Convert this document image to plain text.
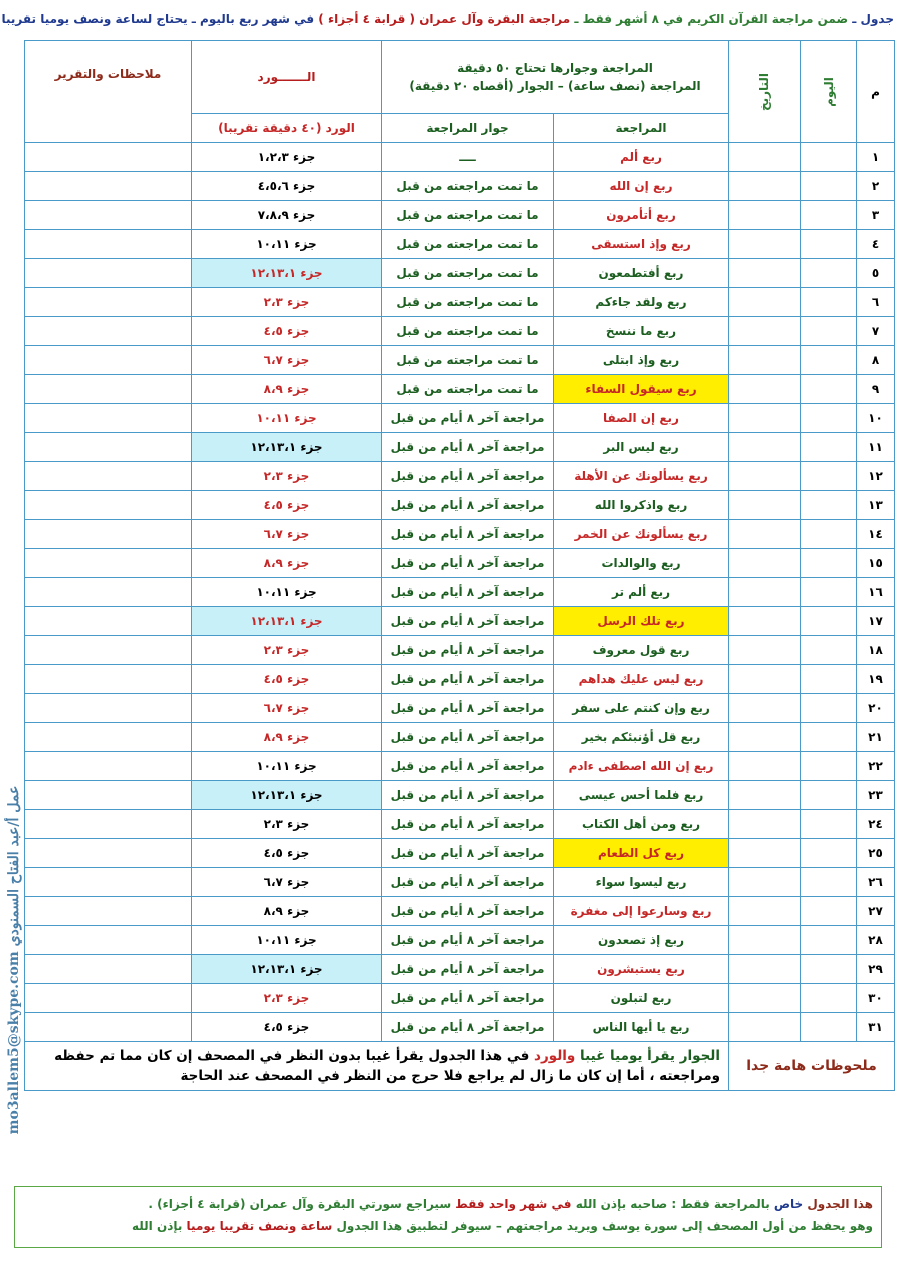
جدول ـ ضمن مراجعة القرآن الكريم في ٨ أشهر فقط ـ مراجعة البقرة وآل عمران ( قرابة ٤ أجزاء ) في شهر ربع باليوم ـ يحتاج لساعة ونصف يوميا تقريبا
م	اليوم	التاريخ	المراجعة وجوارها تحتاج ٥٠ دقيقة
المراجعة (نصف ساعة) – الجوار (أقصاه ٢٠ دقيقة)		الـــــــورد	ملاحظات والتقرير
			المراجعة	جوار المراجعة	الورد (٤٠ دقيقة تقريبا)	
١			ربع ألم	ــــ	جزء ١،٢،٣	
٢			ربع إن الله	ما تمت مراجعته من قبل	جزء ٤،٥،٦	
٣			ربع أتأمرون	ما تمت مراجعته من قبل	جزء ٧،٨،٩	
٤			ربع وإذ استسقى	ما تمت مراجعته من قبل	جزء ١٠،١١	
٥			ربع أفتطمعون	ما تمت مراجعته من قبل	جزء ١٢،١٣،١	
٦			ربع ولقد جاءكم	ما تمت مراجعته من قبل	جزء ٢،٣	
٧			ربع ما ننسخ	ما تمت مراجعته من قبل	جزء ٤،٥	
٨			ربع وإذ ابتلى	ما تمت مراجعته من قبل	جزء ٦،٧	
٩			ربع سيقول السفاء	ما تمت مراجعته من قبل	جزء ٨،٩	
١٠			ربع إن الصفا	مراجعة آخر ٨ أيام من قبل	جزء ١٠،١١	
١١			ربع ليس البر	مراجعة آخر ٨ أيام من قبل	جزء ١٢،١٣،١	
١٢			ربع يسألونك عن الأهلة	مراجعة آخر ٨ أيام من قبل	جزء ٢،٣	
١٣			ربع واذكروا الله	مراجعة آخر ٨ أيام من قبل	جزء ٤،٥	
١٤			ربع يسألونك عن الخمر	مراجعة آخر ٨ أيام من قبل	جزء ٦،٧	
١٥			ربع والوالدات	مراجعة آخر ٨ أيام من قبل	جزء ٨،٩	
١٦			ربع ألم تر	مراجعة آخر ٨ أيام من قبل	جزء ١٠،١١	
١٧			ربع تلك الرسل	مراجعة آخر ٨ أيام من قبل	جزء ١٢،١٣،١	
١٨			ربع قول معروف	مراجعة آخر ٨ أيام من قبل	جزء ٢،٣	
١٩			ربع ليس عليك هداهم	مراجعة آخر ٨ أيام من قبل	جزء ٤،٥	
٢٠			ربع وإن كنتم على سفر	مراجعة آخر ٨ أيام من قبل	جزء ٦،٧	
٢١			ربع قل أؤنبئكم بخير	مراجعة آخر ٨ أيام من قبل	جزء ٨،٩	
٢٢			ربع إن الله اصطفى ءادم	مراجعة آخر ٨ أيام من قبل	جزء ١٠،١١	
٢٣			ربع فلما أحس عيسى	مراجعة آخر ٨ أيام من قبل	جزء ١٢،١٣،١	
٢٤			ربع ومن أهل الكتاب	مراجعة آخر ٨ أيام من قبل	جزء ٢،٣	
٢٥			ربع كل الطعام	مراجعة آخر ٨ أيام من قبل	جزء ٤،٥	
٢٦			ربع ليسوا سواء	مراجعة آخر ٨ أيام من قبل	جزء ٦،٧	
٢٧			ربع وسارعوا إلى مغفرة	مراجعة آخر ٨ أيام من قبل	جزء ٨،٩	
٢٨			ربع إذ تصعدون	مراجعة آخر ٨ أيام من قبل	جزء ١٠،١١	
٢٩			ربع يستبشرون	مراجعة آخر ٨ أيام من قبل	جزء ١٢،١٣،١	
٣٠			ربع لتبلون	مراجعة آخر ٨ أيام من قبل	جزء ٢،٣	
٣١			ربع يا أيها الناس	مراجعة آخر ٨ أيام من قبل	جزء ٤،٥	
ملحوظات هامة جدا			الجوار يقرأ يوميا غيبا والورد في هذا الجدول يقرأ غيبا بدون النظر في المصحف إن كان مما تم حفظه ومراجعته ، أما إن كان ما زال لم يراجع فلا حرج من النظر في المصحف عند الحاجة			
عمل أ/عبد الفتاح السمنودي mo3allem5@skype.com
هذا الجدول خاص بالمراجعة فقط : صاحبه بإذن الله في شهر واحد فقط سيراجع سورتي البقرة وآل عمران (قرابة ٤ أجزاء) .
وهو يحفظ من أول المصحف إلى سورة يوسف ويريد مراجعتهم – سيوفر لتطبيق هذا الجدول ساعة ونصف تقريبا يوميا بإذن الله
